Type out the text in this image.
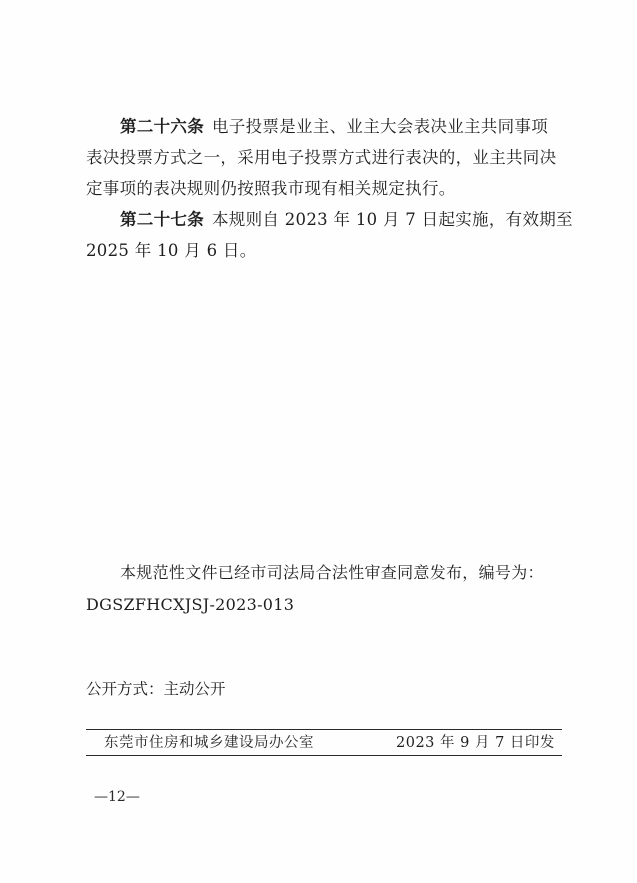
第二十六条 电子投票是业主、业主大会表决业主共同事项
表决投票方式之一，采用电子投票方式进行表决的，业主共同决
定事项的表决规则仍按照我市现有相关规定执行。
第二十七条 本规则自 2023 年 10 月 7 日起实施，有效期至
2025 年 10 月 6 日。
本规范性文件已经市司法局合法性审查同意发布，编号为：
DGSZFHCXJSJ-2023-013
公开方式：主动公开
东莞市住房和城乡建设局办公室	2023 年 9 月 7 日印发
—12—
